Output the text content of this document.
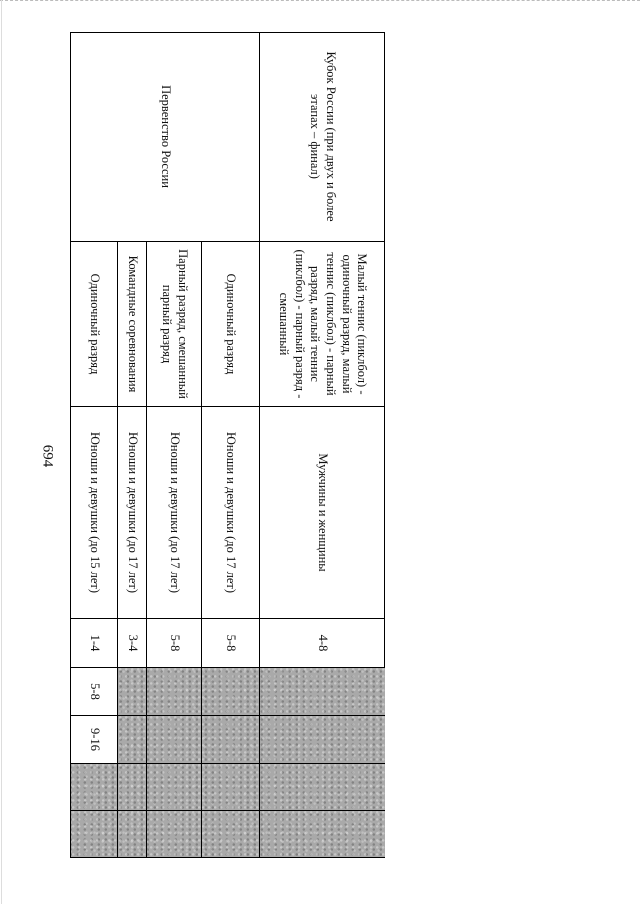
694
Кубок России (при двух и более этапах – финал)
Малый теннис (пиклбол) - одиночный разряд, малый теннис (пиклбол) - парный разряд, малый теннис (пиклбол) - парный разряд - смешанный
Мужчины и женщины
4-8
Первенство России
Одиночный разряд
Юноши и девушки (до 17 лет)
5-8
Парный разряд, смешанный парный разряд
Юноши и девушки (до 17 лет)
5-8
Командные соревнования
Юноши и девушки (до 17 лет)
3-4
Одиночный разряд
Юноши и девушки (до 15 лет)
1-4
5-8
9-16
